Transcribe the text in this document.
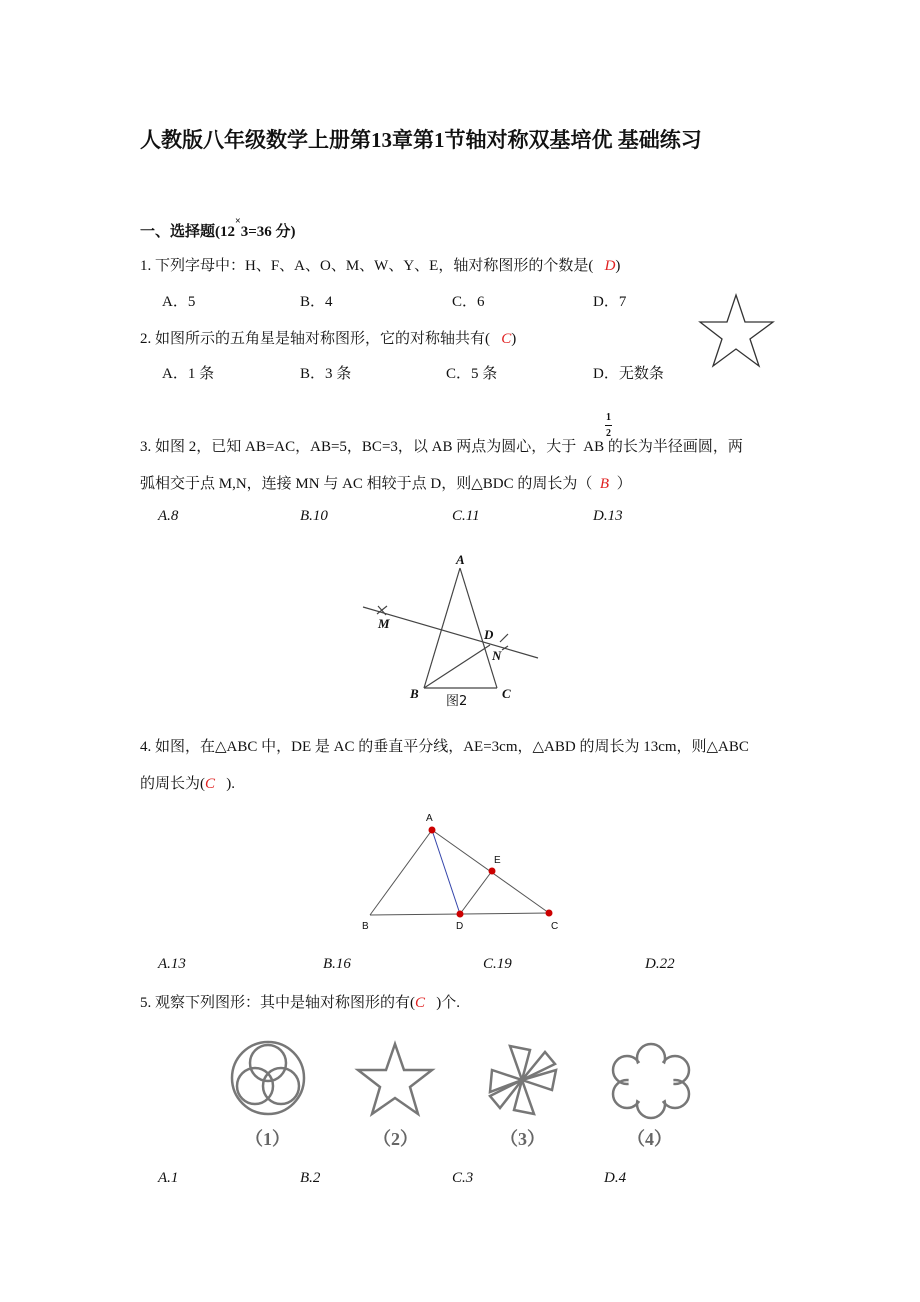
人教版八年级数学上册第13章第1节轴对称双基培优 基础练习
一、选择题(12×3=36 分)
1. 下列字母中：H、F、A、O、M、W、Y、E，轴对称图形的个数是( D)
A．5	B．4	C．6	D．7
2. 如图所示的五角星是轴对称图形，它的对称轴共有( C)
A．1 条	B．3 条	C．5 条	D．无数条
3. 如图 2，已知 AB=AC，AB=5，BC=3，以 AB 两点为圆心，大于 AB 的长为半径画圆，两
1
2
弧相交于点 M,N，连接 MN 与 AC 相较于点 D，则△BDC 的周长为（ B ）
A.8	B.10	C.11	D.13
A
M
D
N
B	C
图2
4. 如图，在△ABC 中，DE 是 AC 的垂直平分线，AE=3cm，△ABD 的周长为 13cm，则△ABC
的周长为(C ).
A
E
B	D	C
A.13	B.16	C.19	D.22
5. 观察下列图形：其中是轴对称图形的有(C )个.
（1）	（2）	（3）	（4）
A.1	B.2	C.3	D.4
